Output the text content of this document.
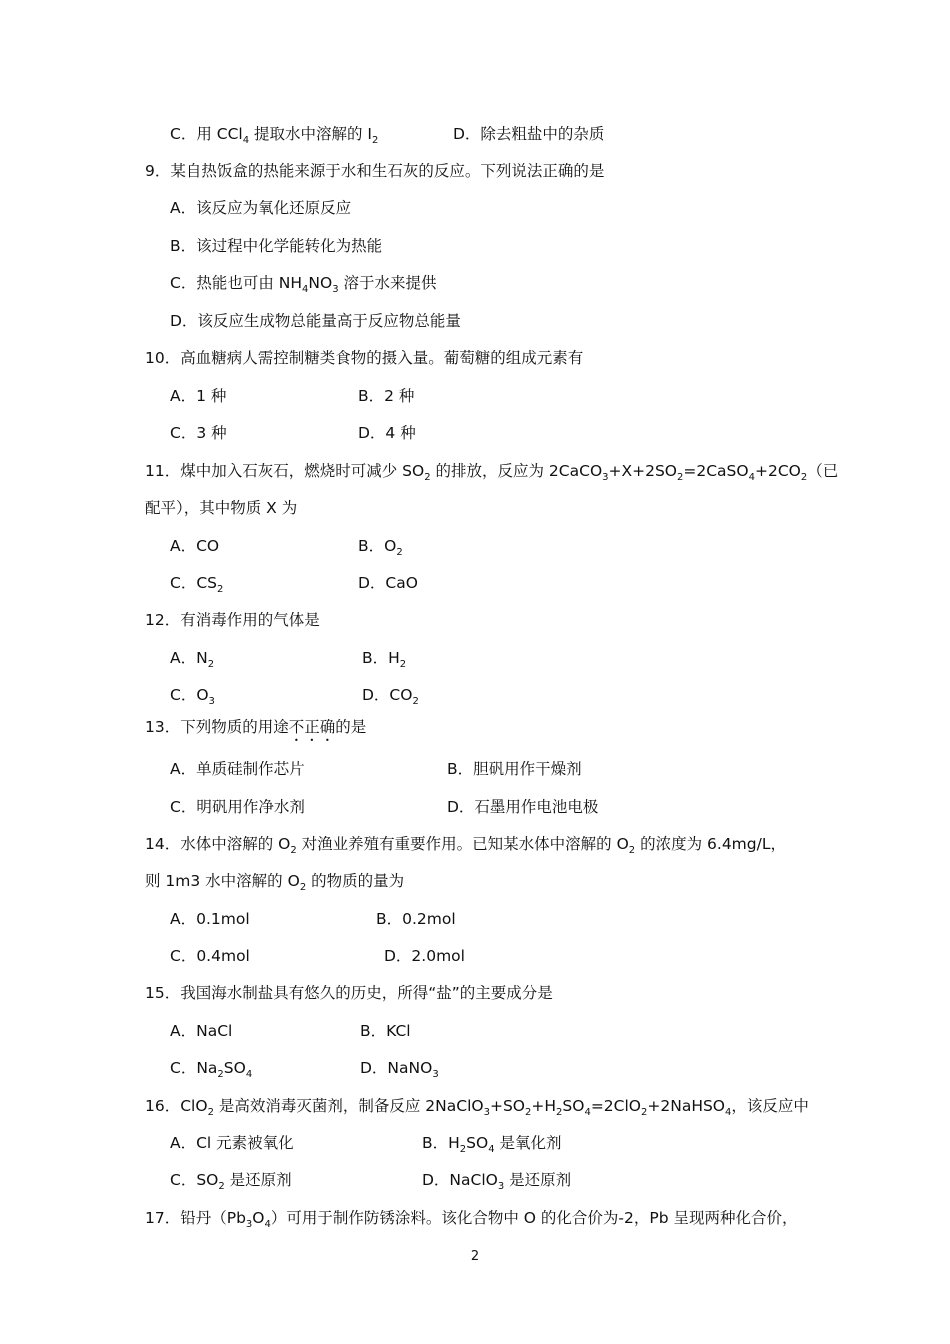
C．用 CCl$_4$ 提取水中溶解的 $I_2$	D．除去粗盐中的杂质
9．某自热饭盒的热能来源于水和生石灰的反应。下列说法正确的是
A．该反应为氧化还原反应
B．该过程中化学能转化为热能
C．热能也可由 $NH_4NO_3$ 溶于水来提供
D．该反应生成物总能量高于反应物总能量
10．高血糖病人需控制糖类食物的摄入量。葡萄糖的组成元素有
A．1 种	B．2 种
C．3 种	D．4 种
11．煤中加入石灰石，燃烧时可减少 $SO_2$ 的排放，反应为 $2CaCO_3+X+2SO_2=2CaSO_4+2CO_2$（已
配平），其中物质 X 为
A．CO	B．$O_2$
C．$CS_2$	D．CaO
12．有消毒作用的气体是
A．$N_2$	B．$H_2$
C．$O_3$	D．$CO_2$
13．下列物质的用途不正确的是
A．单质硅制作芯片	B．胆矾用作干燥剂
C．明矾用作净水剂	D．石墨用作电池电极
14．水体中溶解的 $O_2$ 对渔业养殖有重要作用。已知某水体中溶解的 $O_2$ 的浓度为 6.4mg/L，
则 1m3 水中溶解的 $O_2$ 的物质的量为
A．0.1mol	B．0.2mol
C．0.4mol	D．2.0mol
15．我国海水制盐具有悠久的历史，所得“盐”的主要成分是
A．NaCl	B．KCl
C．$Na_2SO_4$	D．NaNO$_3$
16．ClO$_2$ 是高效消毒灭菌剂，制备反应 $2NaClO_3+SO_2+H_2SO_4=2ClO_2+2NaHSO_4$，该反应中
A．Cl 元素被氧化	B．$H_2SO_4$ 是氧化剂
C．$SO_2$ 是还原剂	D．NaClO$_3$ 是还原剂
17．铅丹$(Pb_3O_4)$可用于制作防锈涂料。该化合物中 O 的化合价为-2，Pb 呈现两种化合价，
2
